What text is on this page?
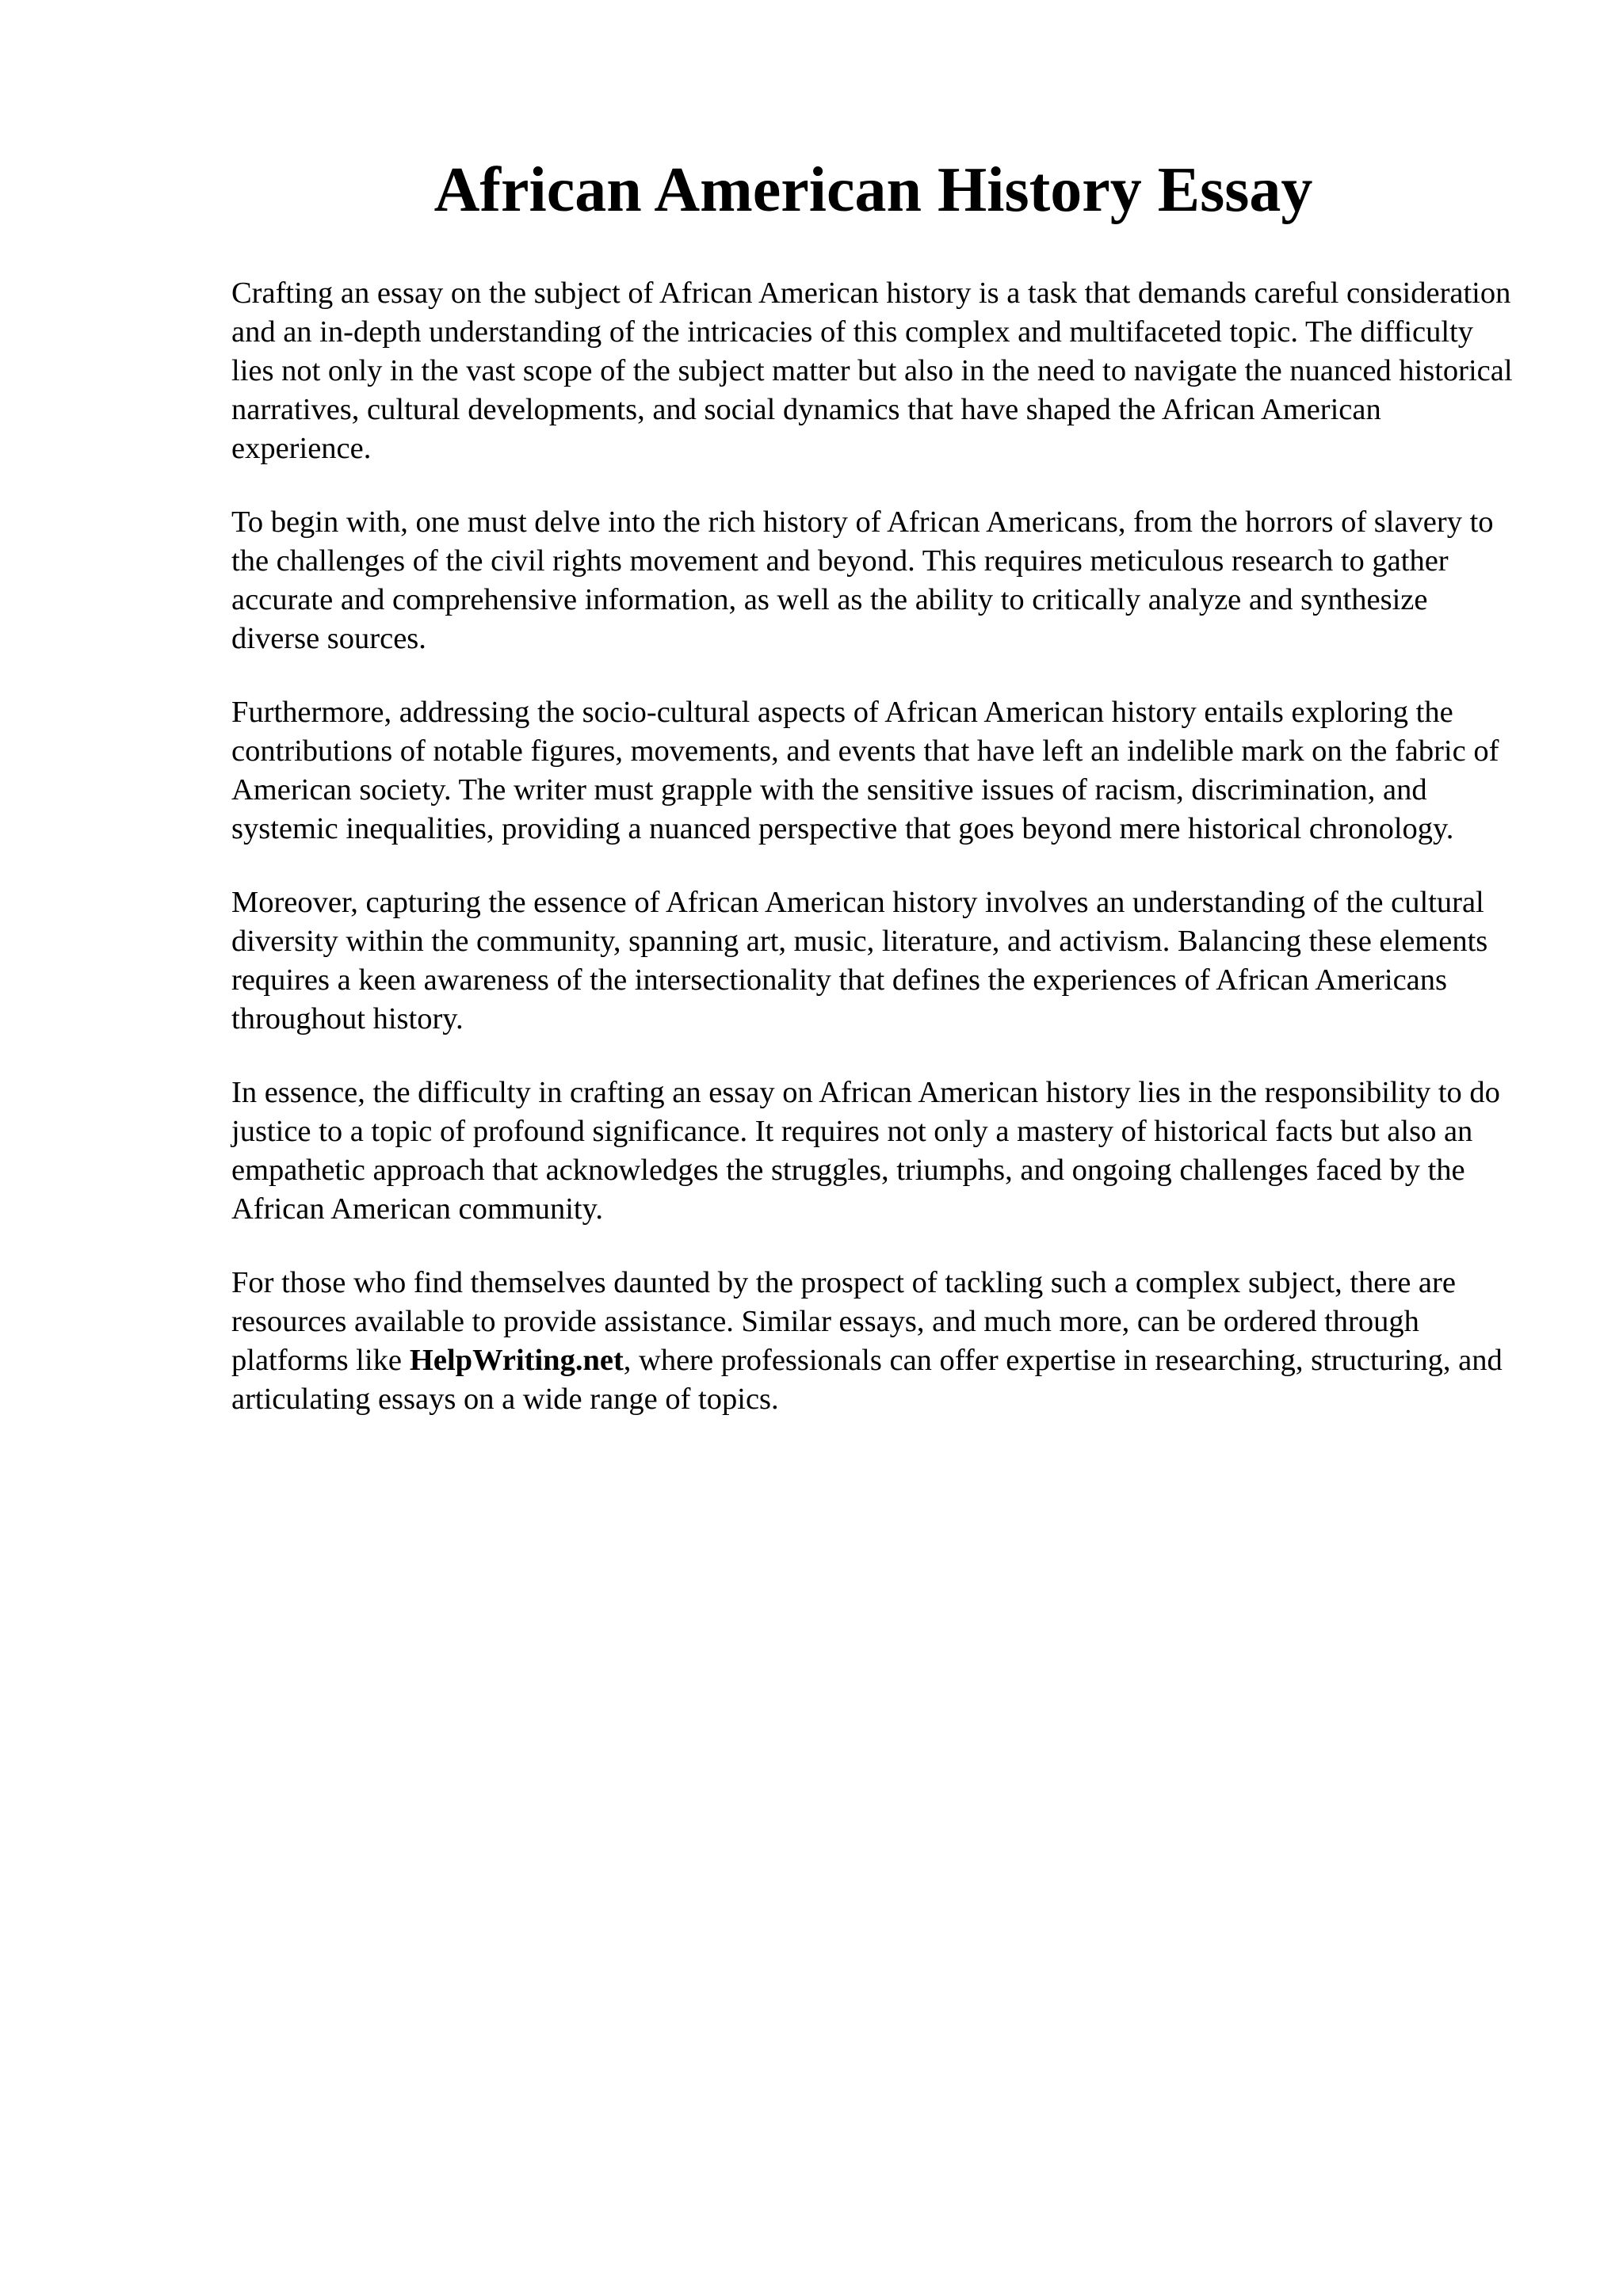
African American History Essay

Crafting an essay on the subject of African American history is a task that demands careful consideration and an in-depth understanding of the intricacies of this complex and multifaceted topic. The difficulty lies not only in the vast scope of the subject matter but also in the need to navigate the nuanced historical narratives, cultural developments, and social dynamics that have shaped the African American experience.

To begin with, one must delve into the rich history of African Americans, from the horrors of slavery to the challenges of the civil rights movement and beyond. This requires meticulous research to gather accurate and comprehensive information, as well as the ability to critically analyze and synthesize diverse sources.

Furthermore, addressing the socio-cultural aspects of African American history entails exploring the contributions of notable figures, movements, and events that have left an indelible mark on the fabric of American society. The writer must grapple with the sensitive issues of racism, discrimination, and systemic inequalities, providing a nuanced perspective that goes beyond mere historical chronology.

Moreover, capturing the essence of African American history involves an understanding of the cultural diversity within the community, spanning art, music, literature, and activism. Balancing these elements requires a keen awareness of the intersectionality that defines the experiences of African Americans throughout history.

In essence, the difficulty in crafting an essay on African American history lies in the responsibility to do justice to a topic of profound significance. It requires not only a mastery of historical facts but also an empathetic approach that acknowledges the struggles, triumphs, and ongoing challenges faced by the African American community.

For those who find themselves daunted by the prospect of tackling such a complex subject, there are resources available to provide assistance. Similar essays, and much more, can be ordered through platforms like HelpWriting.net, where professionals can offer expertise in researching, structuring, and articulating essays on a wide range of topics.
